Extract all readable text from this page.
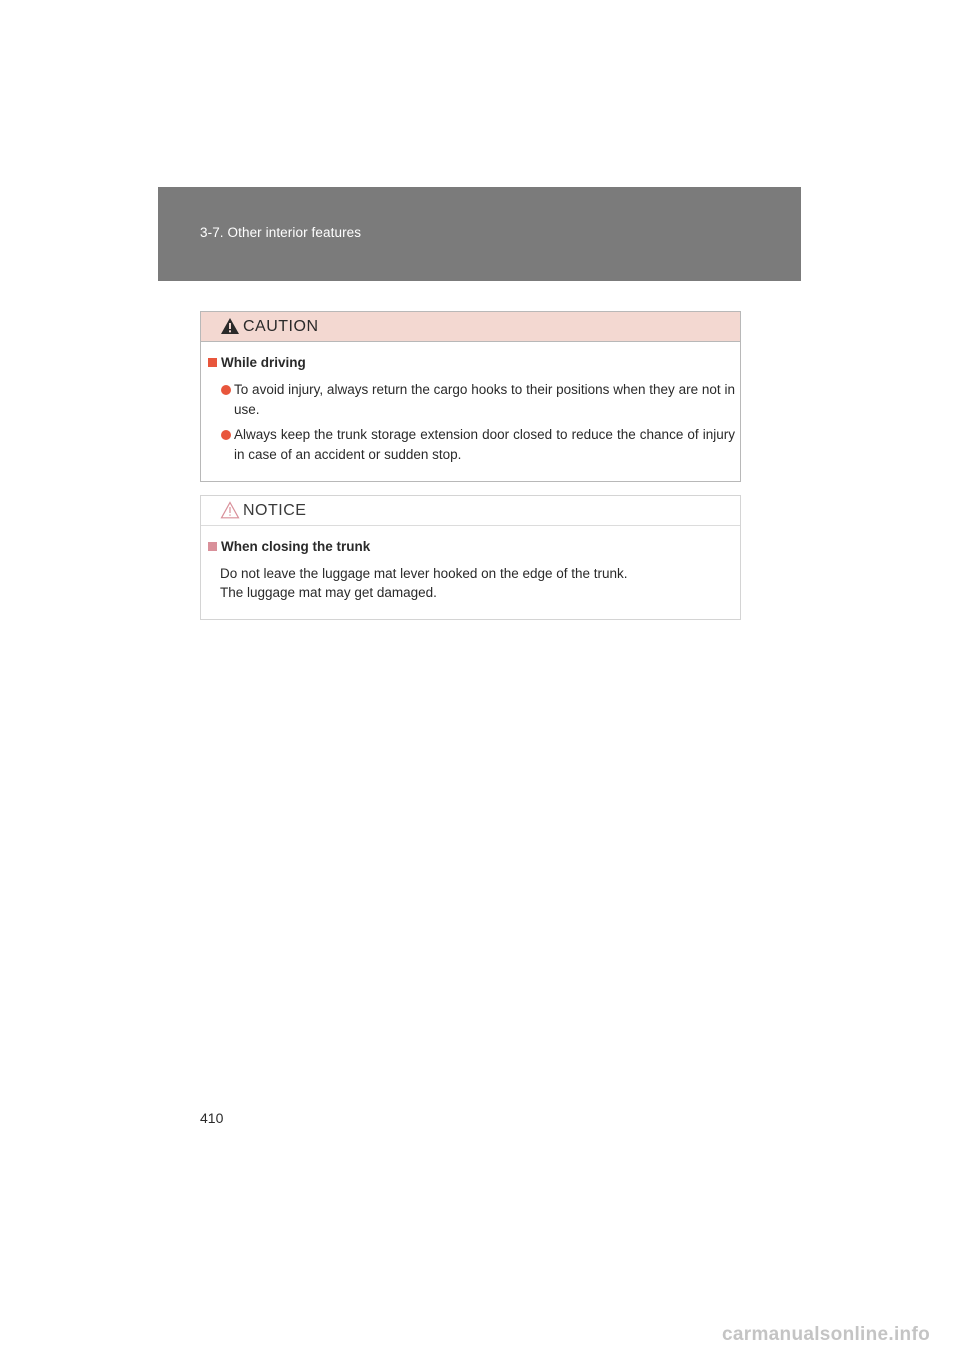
3-7. Other interior features
CAUTION
While driving
To avoid injury, always return the cargo hooks to their positions when they are not in use.
Always keep the trunk storage extension door closed to reduce the chance of injury in case of an accident or sudden stop.
NOTICE
When closing the trunk
Do not leave the luggage mat lever hooked on the edge of the trunk.
The luggage mat may get damaged.
410
carmanualsonline.info
